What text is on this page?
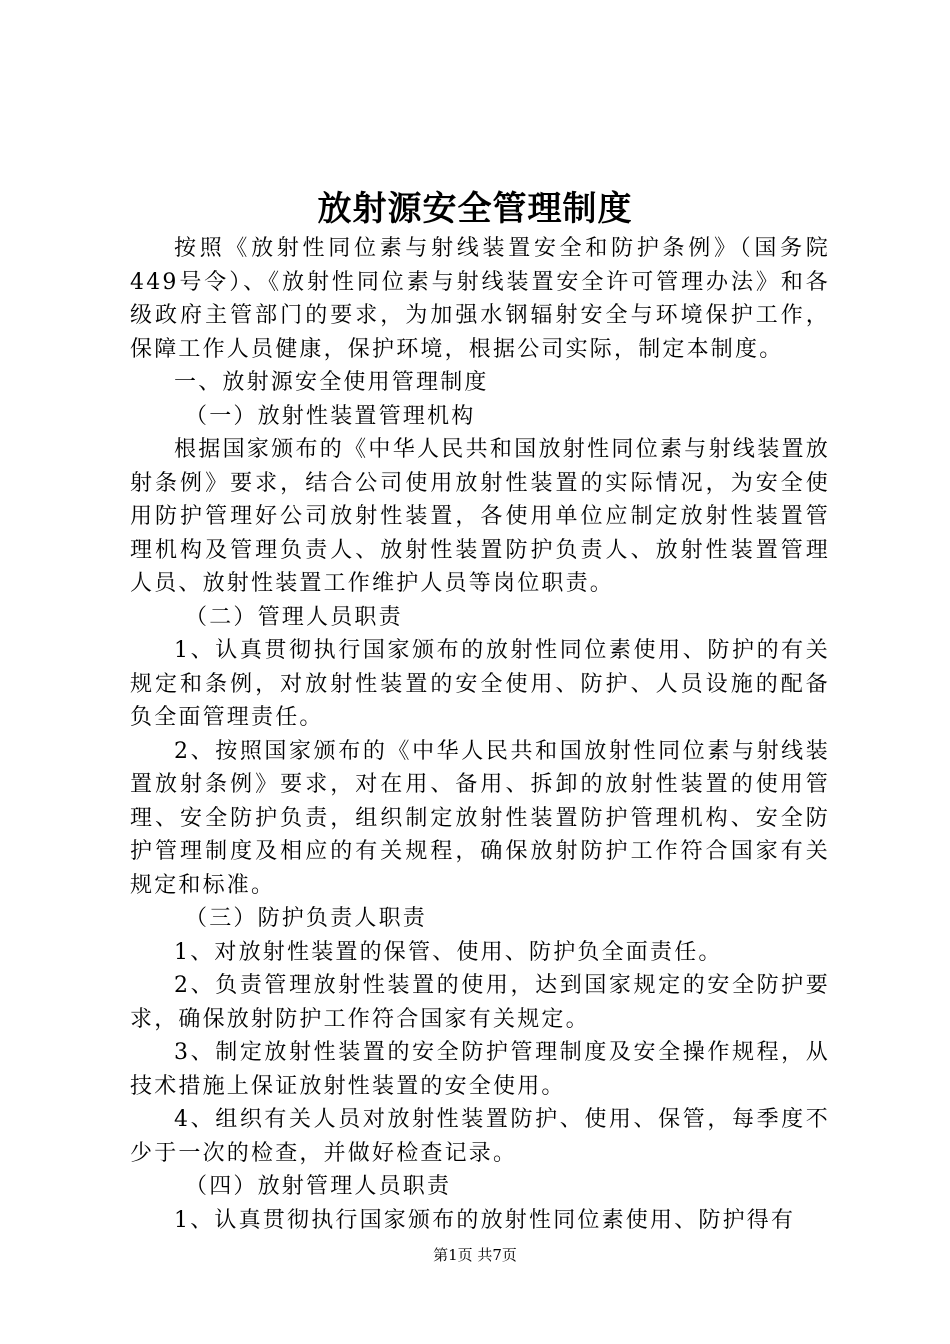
放射源安全管理制度

按照《放射性同位素与射线装置安全和防护条例》（国务院449号令）、《放射性同位素与射线装置安全许可管理办法》和各级政府主管部门的要求，为加强水钢辐射安全与环境保护工作，保障工作人员健康，保护环境，根据公司实际，制定本制度。

一、放射源安全使用管理制度

（一）放射性装置管理机构

根据国家颁布的《中华人民共和国放射性同位素与射线装置放射条例》要求，结合公司使用放射性装置的实际情况，为安全使用防护管理好公司放射性装置，各使用单位应制定放射性装置管理机构及管理负责人、放射性装置防护负责人、放射性装置管理人员、放射性装置工作维护人员等岗位职责。

（二）管理人员职责

1、认真贯彻执行国家颁布的放射性同位素使用、防护的有关规定和条例，对放射性装置的安全使用、防护、人员设施的配备负全面管理责任。

2、按照国家颁布的《中华人民共和国放射性同位素与射线装置放射条例》要求，对在用、备用、拆卸的放射性装置的使用管理、安全防护负责，组织制定放射性装置防护管理机构、安全防护管理制度及相应的有关规程，确保放射防护工作符合国家有关规定和标准。

（三）防护负责人职责

1、对放射性装置的保管、使用、防护负全面责任。

2、负责管理放射性装置的使用，达到国家规定的安全防护要求，确保放射防护工作符合国家有关规定。

3、制定放射性装置的安全防护管理制度及安全操作规程，从技术措施上保证放射性装置的安全使用。

4、组织有关人员对放射性装置防护、使用、保管，每季度不少于一次的检查，并做好检查记录。

（四）放射管理人员职责

1、认真贯彻执行国家颁布的放射性同位素使用、防护得有

第1页 共7页
